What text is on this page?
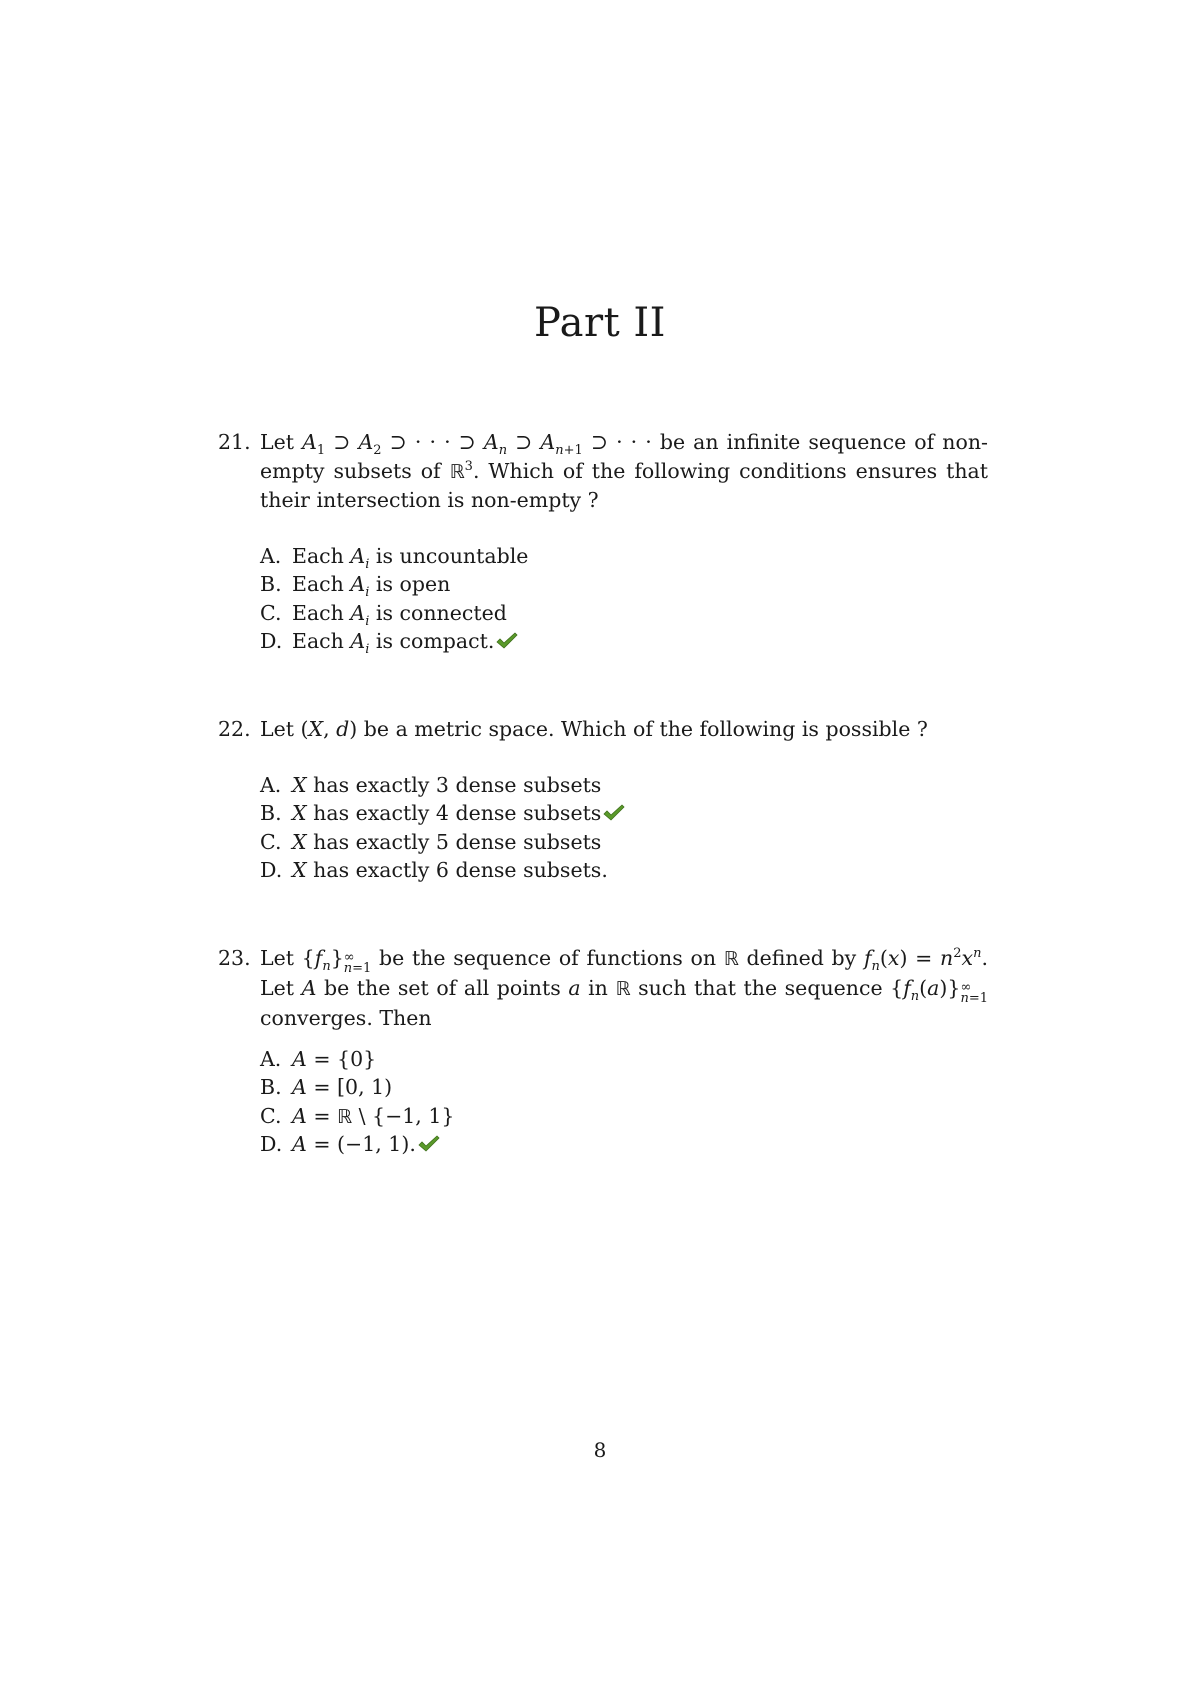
Part II
21. Let $A_1$ ⊃ $A_2$ ⊃ · · · ⊃ $A_n$ ⊃ $A_{n+1}$ ⊃ · · · be an infinite sequence of non-empty subsets of ℝ$^3$. Which of the following conditions ensures that their intersection is non-empty ?
A. Each $A_i$ is uncountable
B. Each $A_i$ is open
C. Each $A_i$ is connected
D. Each $A_i$ is compact.
22. Let (X, d) be a metric space. Which of the following is possible ?
A. X has exactly 3 dense subsets
B. X has exactly 4 dense subsets
C. X has exactly 5 dense subsets
D. X has exactly 6 dense subsets.
23. Let $\{f_n\}$ ∞
n=1 be the sequence of functions on ℝ defined by $f_n(x) = n^2x^n$. Let A be the set of all points a in ℝ such that the sequence $\{f_n(a)\}$ ∞
n=1
converges. Then
A. A = {0}
B. A = [0, 1)
C. A = ℝ \ {−1, 1}
D. A = (−1, 1).
8
